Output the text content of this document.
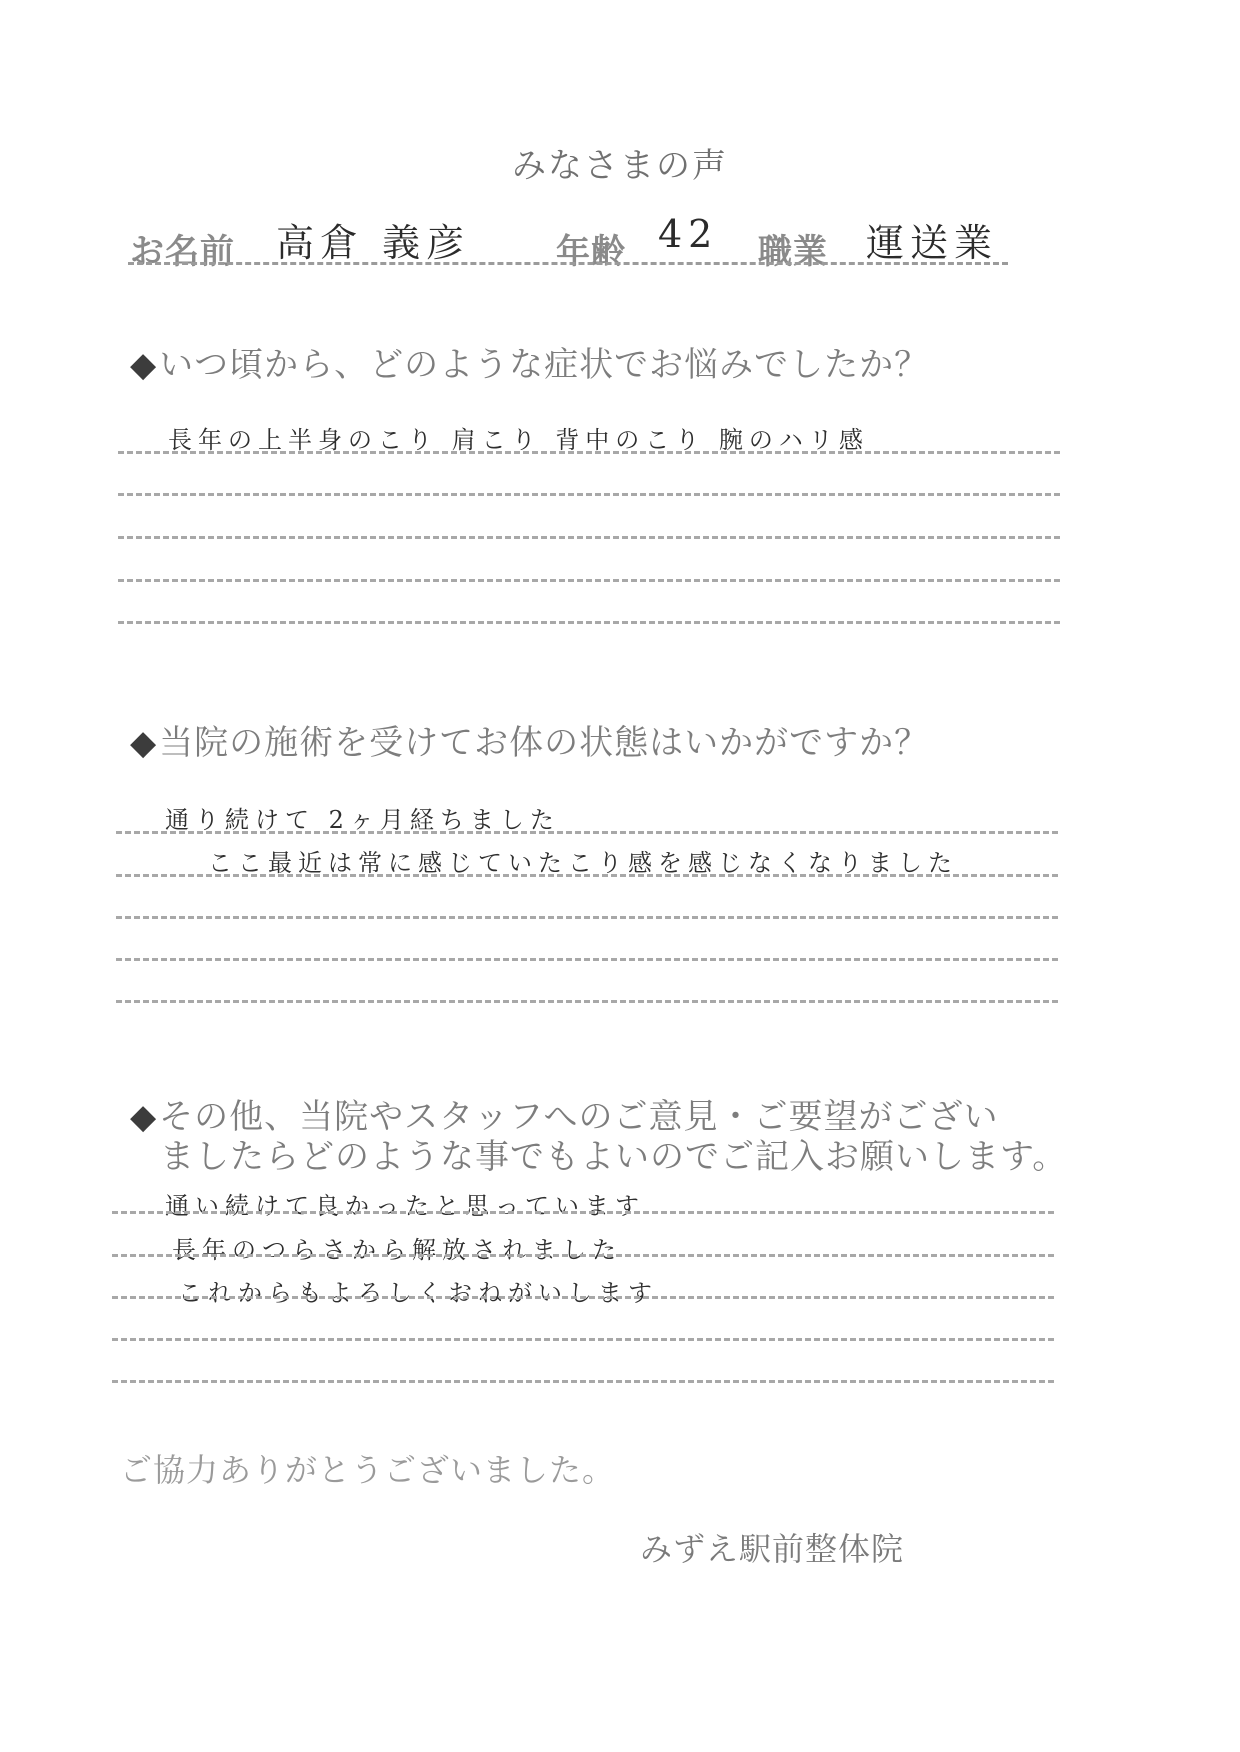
みなさまの声
お名前 高倉 義彦	年齢 42 職業 運送業
◆いつ頃から、どのような症状でお悩みでしたか？
長年の上半身のこり 肩こり 背中のこり 腕のハリ感
◆当院の施術を受けてお体の状態はいかがですか？
通り続けて 2ヶ月経ちました
ここ最近は常に感じていたこり感を感じなくなりました
◆その他、当院やスタッフへのご意見・ご要望がござい
ましたらどのような事でもよいのでご記入お願いします。
通い続けて良かったと思っています
長年のつらさから解放されました
これからもよろしくおねがいします
ご協力ありがとうございました。
みずえ駅前整体院
